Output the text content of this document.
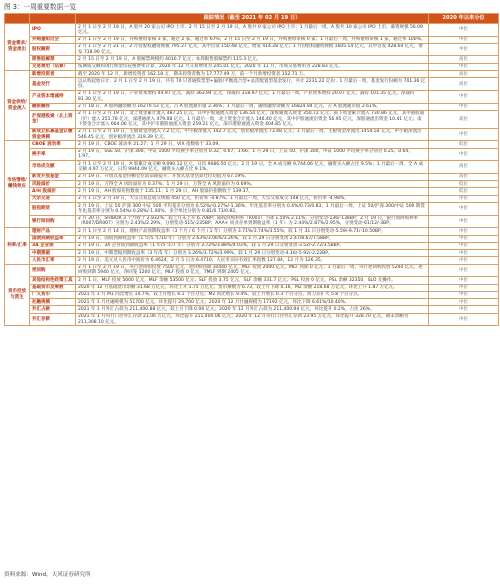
图 3：一周重要数据一览
		跟踪情况（截至 2021 年 02 月 19 日）	2020 年以来分位
资金需求/资金流出	IPO	2 月 1 日至 2 月 19 日，A 股共 20 家公司 IPO 上市；2 月 15 日至 2 月 19 日，A 股共 0 家公司 IPO 上市；1 月最后一周，A 股共 10 家公司 IPO 上市，募资规模 56.09 亿元。	中位
	并购重组过会	2 月 1 日至 2 月 19 日，并购重组审核 3 家，通过 2 家，通过率 67%；2 月 15 日至 2 月 19 日，并购重组审核 0 家；1 月最后一周，并购重组审核 1 家，通过率 100%。	中位
	股权融资	2 月 1 日至 2 月 21 日，2 月份股权融资规模 795.27 亿元，其中首发 150.48 亿元，增发 414.28 亿元；1 月份股权融资规模 1605.14 亿元，其中首发 428.64 亿元，增发 718.90 亿元。	中位
	限售股解禁	2 月 15 日至 2 月 19 日，A 股解禁规模约 4010.7 亿元；本周限售股解禁约 115.3 亿元。	高位
	交易费用（估算）	按测成交额和现行佣金印花税费率计算，2020 年 12 月交易费用为 245.01 亿元，2020 年 11 月，市场交易费用为 228.83 亿元。	中位
资金供给/资金流入	新增投资者	截至 2020 年 12 月，新增投资者 162.18 万，期末投资者数为 17,777.49 万，前一个月新增投资者 152.71 万。	高位
	基金发行	以认购起始日计，2 月 1 日至 2 月 19 日，共有 70 只普通股票型+偏股/平衡混合型+灵活配置型基金发行，共计 2231.22 亿份；1 月最后一周，基金发行份额为 701.36 亿份。	高位
	产业资本增减持	2 月 1 日至 2 月 19 日，产业资本增持 44.97 亿元，减持 363.94 亿元，净减持 318.97 亿元；1 月最后一周，产业资本增持 20.07 亿元，减持 101.35 亿元，净减持 81.30 亿元。	中位
	融资融券	2 月 18 日，A 股两融余额为 16270.53 亿元，占 A 股流通市值 2.36%；1 月最后一周，融资融券余额为 16824.94 亿元，占 A 股流通市值 2.61%。	中位
	沪深港股通（北上资金）	2 月 1 日至 2 月 19 日，北上资金累计流入 487.25 亿元，其中沪股通流入资金 136.54 亿元，深股通流入资金 350.72 亿元；南下资金累计流入 730.86 亿元，其中港股通（沪）流入 251.78 亿元，深港通流入 479.08 亿元。1 月最后一周，北上资金合计流入 146.40 亿元，其中沪股通流出资金 56.95 亿元，深股通流出资金 10.41 亿元；南下资金合计流入 664.06 亿元，其中沪市港股通流入资金 259.21 亿元，深市港股通流入资金 404.85 亿元。	高位
	新成立私募基金认缴资金规模	2 月 1 日至 2 月 19 日，主板资金净流入 7.2 亿元，中小板净流入 142.7 亿元，创业板净流出 73.48 亿元；1 月最后一周，主板资金净流出 1454.54 亿元，中小板净流出 546.45 亿元，创业板净流出 319.39 亿元。	中位
市场情绪/赚钱效应	CBOE 波动率	2 月 19 日，CBOE 波动率 21.27；1 月 29 日，VIX 指数收于 33.09。	低位
	换手率	2 月 19 日，SSE 50、沪深 300、中证 1000 平均换手率分别为 0.32、0.67、1.66；1 月 29 日，上证 50、沪深 300、中证 1000 平均换手率分别为 0.25、0.64、1.97。	中位
	市场成交额	2 月 1 日至 2 月 19 日，A 股累计成交额 9,090.12 亿元，日均 9086.50 亿元；2 月 19 日，全 A 成交额 9,744.06 亿元，融资买入额占比 9.5%；1 月最后一周，全 A 成交额 4.97 万亿元，日均 9944.09 亿元，融资买入额占比 9.1%。	高位
	新发开放基金	2 月 19 日，开放式基金份额仓位较前期提升，开放式基金估算仓位均值为 67.19%。	高位
	风险溢价	2 月 19 日，万得全 A 风险溢价为 0.37%；1 月 29 日，万得全 A 风险溢价为 0.69%。	低位
	A/H 股溢价	2 月 19 日，AH 股溢价指数收于 135.11；1 月 29 日，AH 股溢价指数收于 139.37。	低位
	大宗交易	2 月 1 日至 2 月 19 日，大宗交易总成交规模 450 亿元，折价率 -4.87%；1 月最后一周，大宗交易成交 148 亿元，折价率 -4.98%。	中位
	股指期货	2 月 19 日，上证 50 沪深 300 中证 500 平均基差分别为 0.52%/-0.27%/-1.36%；年化基差率分别为 0.4%/0.73/0.83；1 月最后一周，上证 50/沪深 300/中证 500 期货年化基差率分别为 0.54%/-0.28%/-1.00%，多空单比分别为 0.81/0.73/0.82。	中位
	银行间回购	2 月 20 日，SHIBOR 3 个月收于 2.832%，较上月末上升 6.70BP；隔夜回购利率（R001）下降 1.50% 2.11%，分别变动-136/-138BP；2 月 19 日，银行间回购利率（R007/DR007）分别为 2.43%/2.29%，分别变动-515/-235BP；AAA+ 同业存单到期收益率（1 年）为 2.44%/2.87%/2.95%，分别变动-61/12/-3BP。	中位
利率/汇率	理财产品	2 月 1 日至 2 月 14 日，理财产品预期收益率（3 个月 / 6 个月 / 1 年）分别为 3.71%/3.74%/3.55%；较 1 月 31 日分别变动-5.59/-9.71/-10.50BP。	中位
	国债到期收益率	2 月 19 日，国债到期收益率（1 年/5 年/10 年）分别为 2.63%/3.06%/3.26%，较 1 月 29 日分别变动 2.47/8.67/7.58BP。	中位
	3A 企业债	2 月 19 日，3A 企业债到期收益率（1 年/5 年/7 年）分别为 3.72%/3.88%/4.03%，较 1 月 29 日分别变动-3.52/-2.72/3.58BP。	中位
	中期票据	2 月 19 日，中期票据到期收益率（3 年/5 年）分别为 3.26%/3.72%/3.99%，较 1 月 29 日分别变动-4.16/-5.92/-2.22BP。	中位
	人民币汇率	2 月 19 日，美元兑人民币中间价为 6.4624，2 月 5 日为 6.4710；人民币实际有效汇率指数 127.84，12 月为 126.35。	中位
货币投放与派生	逆回购	2 月 1 日至 2 月 19 日，央行逆回购投放 7500 亿元，逆回购到期 10440 亿元，MLF 投放 2000 亿元，MLF 到期 0 亿元；1 月最后一周，央行逆回购投放 5240 亿元，逆回购到期 5940 亿元，净回笼 1200 亿元，MLF 投放 0 亿元，TMLF 到期 2405 亿元。	中位
	其他结构性政策工具	2 月 1 日，MLF 投放 5000 亿元，MLF 余额 53500 亿元；SLF 投放 3.75 亿元，SLF 余额 331.7 亿元；PSL 投放 0 亿元，PSL 余额 32350，SLO 无操作。	中位
	基础货币及乘数	2020 年 12 月基础货币余额 31.68 万亿元，环比上升 1.75 万亿元；货币乘数为 6.73，较上月下降 0.16，M2 余额 218.68 万亿元，环比上升 1.87 万亿元。	中位
	广义货币	2021 年 1 月 M1 同比增长 14.7%，较上月增长 6.1 个百分点；M2 同比增长 9.4%，较上月增长 0.3 个百分点，剪刀差扩大 5.8 个百分点。	中位
	社融规模	2021 年 1 月社融规模为 51700 亿元，环比提升 29,700 亿元；2020 年 12 月社融规模为 17192 亿元，环比下降 6.61%/10.40%。	中位
	外汇占款	2021 年 1 月外汇占款为 211,400.88 亿元，较上月下降 0.06 亿元；2020 年 12 月外汇占款为 211,400.94 亿元，环比提升 0.2%，占比 26%。	中位
	外汇存款	2021 年 1 月央行口径外汇存款 21.06 万亿元，环比提升 211,400.06 亿元；2020 年 12 月央行口径外汇存款 23.95 万亿元，环比提升 328.70 亿元，期末余额为 211,308.10 亿元。	中位
资料来源：Wind，天风证券研究所
